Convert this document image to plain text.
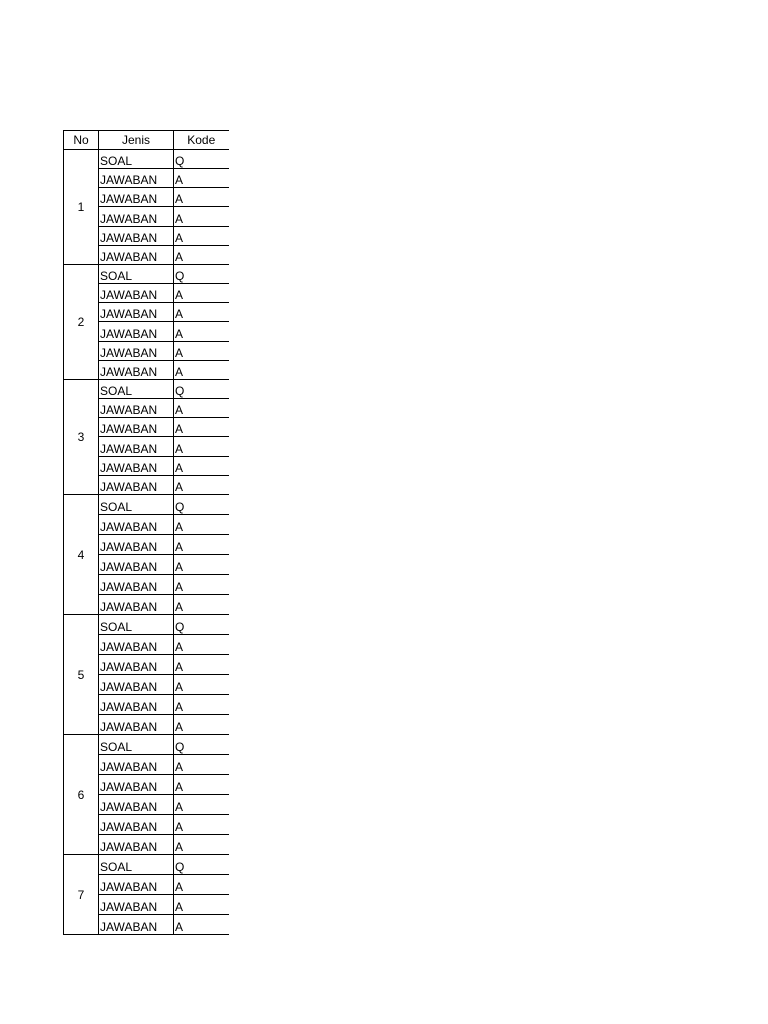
No	Jenis	Kode
1	SOAL	Q
	JAWABAN	A
	JAWABAN	A
	JAWABAN	A
	JAWABAN	A
	JAWABAN	A
2	SOAL	Q
	JAWABAN	A
	JAWABAN	A
	JAWABAN	A
	JAWABAN	A
	JAWABAN	A
3	SOAL	Q
	JAWABAN	A
	JAWABAN	A
	JAWABAN	A
	JAWABAN	A
	JAWABAN	A
4	SOAL	Q
	JAWABAN	A
	JAWABAN	A
	JAWABAN	A
	JAWABAN	A
	JAWABAN	A
5	SOAL	Q
	JAWABAN	A
	JAWABAN	A
	JAWABAN	A
	JAWABAN	A
	JAWABAN	A
6	SOAL	Q
	JAWABAN	A
	JAWABAN	A
	JAWABAN	A
	JAWABAN	A
	JAWABAN	A
7	SOAL	Q
	JAWABAN	A
	JAWABAN	A
	JAWABAN	A
